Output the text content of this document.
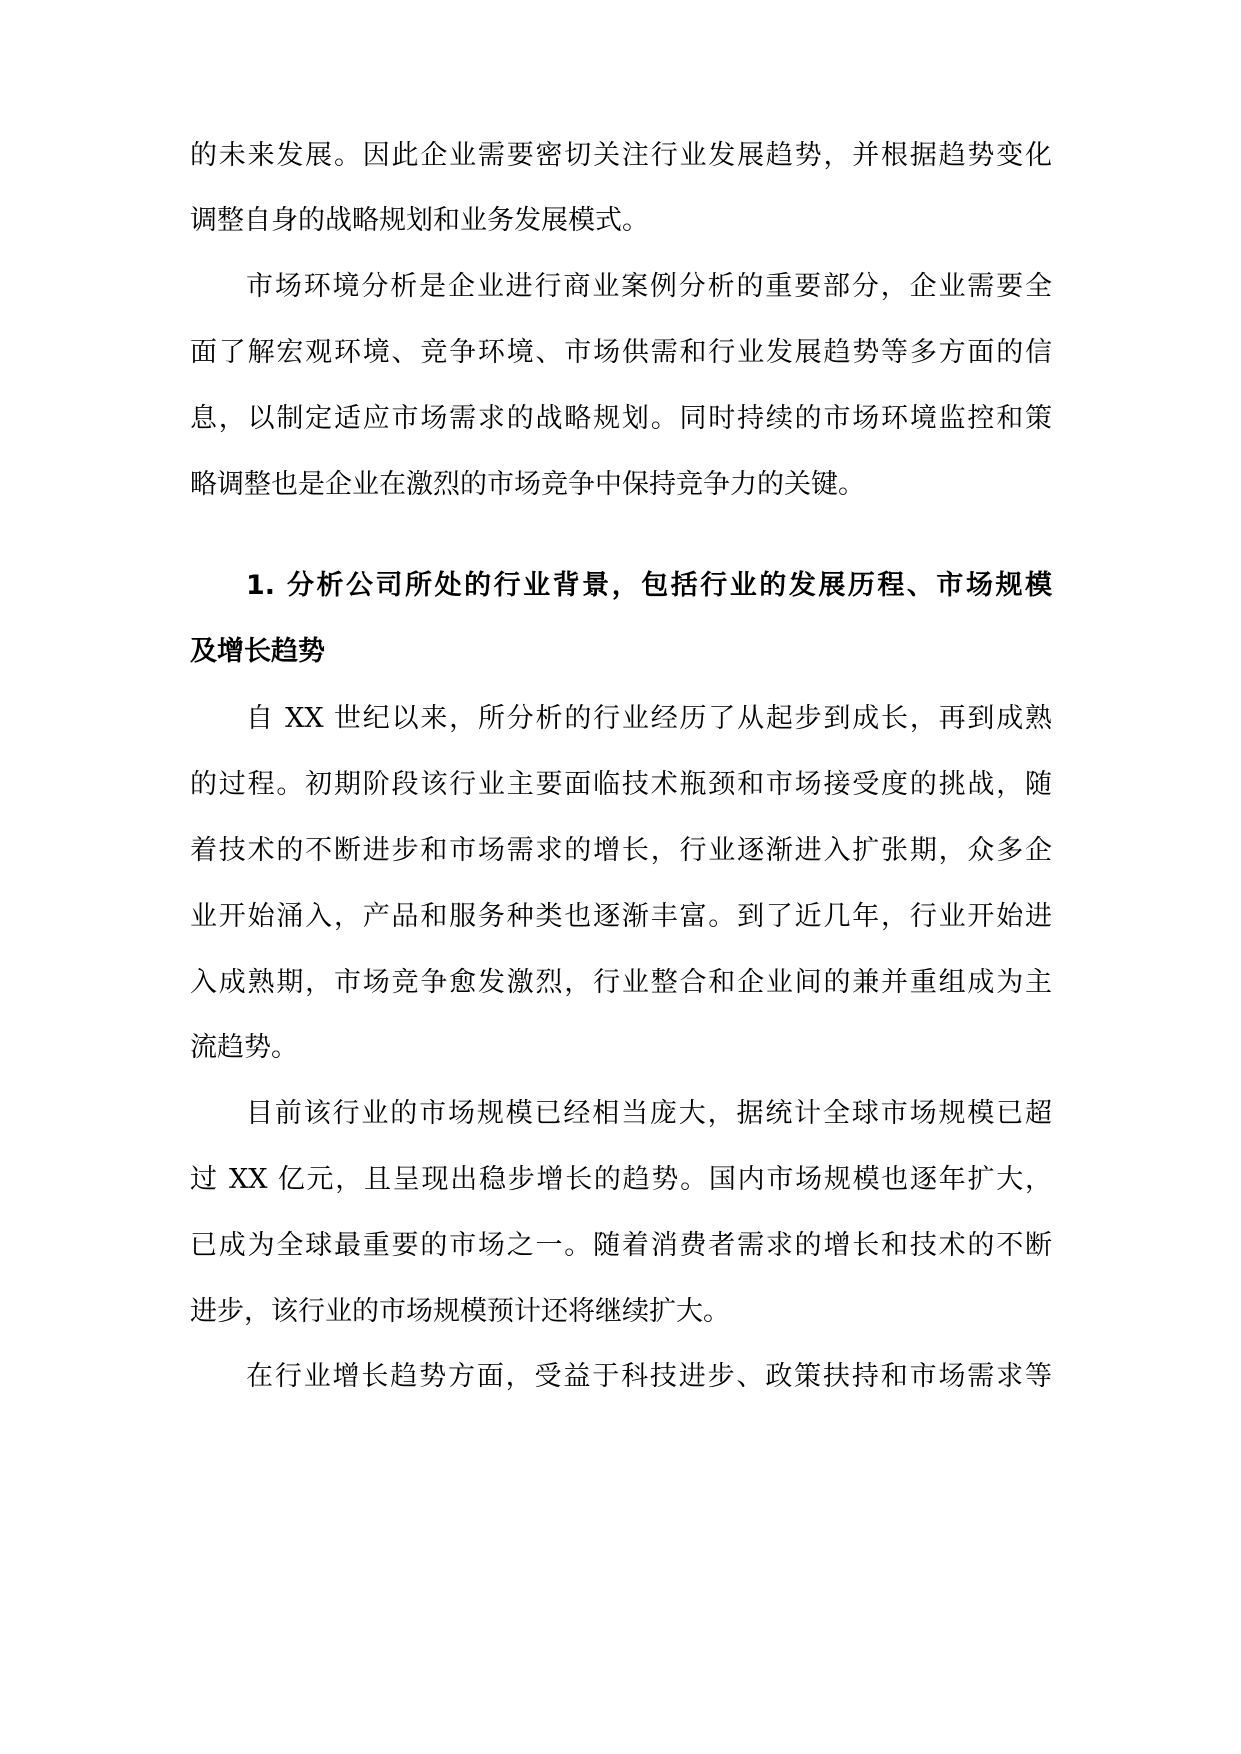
的未来发展。因此企业需要密切关注行业发展趋势，并根据趋势变化
调整自身的战略规划和业务发展模式。
市场环境分析是企业进行商业案例分析的重要部分，企业需要全
面了解宏观环境、竞争环境、市场供需和行业发展趋势等多方面的信
息，以制定适应市场需求的战略规划。同时持续的市场环境监控和策
略调整也是企业在激烈的市场竞争中保持竞争力的关键。
1. 分析公司所处的行业背景，包括行业的发展历程、市场规模
及增长趋势
自 XX 世纪以来，所分析的行业经历了从起步到成长，再到成熟
的过程。初期阶段该行业主要面临技术瓶颈和市场接受度的挑战，随
着技术的不断进步和市场需求的增长，行业逐渐进入扩张期，众多企
业开始涌入，产品和服务种类也逐渐丰富。到了近几年，行业开始进
入成熟期，市场竞争愈发激烈，行业整合和企业间的兼并重组成为主
流趋势。
目前该行业的市场规模已经相当庞大，据统计全球市场规模已超
过 XX 亿元，且呈现出稳步增长的趋势。国内市场规模也逐年扩大，
已成为全球最重要的市场之一。随着消费者需求的增长和技术的不断
进步，该行业的市场规模预计还将继续扩大。
在行业增长趋势方面，受益于科技进步、政策扶持和市场需求等
